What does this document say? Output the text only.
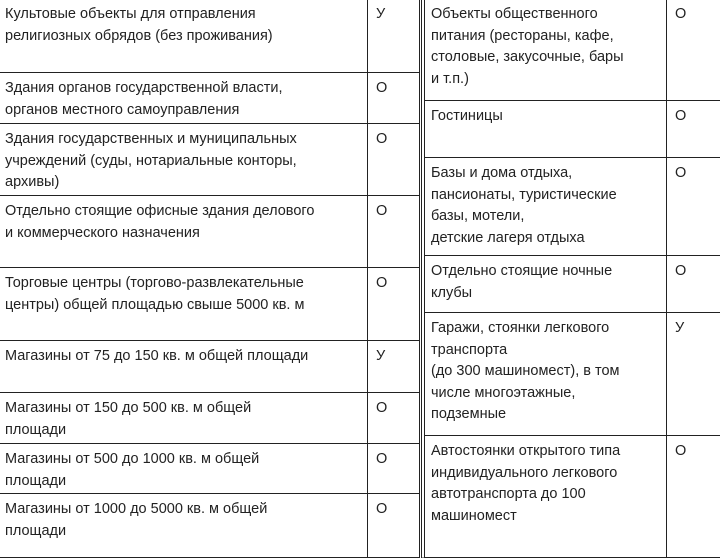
Культовые объекты для отправления
религиозных обрядов (без проживания)
У
Здания органов государственной власти,
органов местного самоуправления
О
Здания государственных и муниципальных
учреждений (суды, нотариальные конторы,
архивы)
О
Отдельно стоящие офисные здания делового
и коммерческого назначения
О
Торговые центры (торгово-развлекательные
центры) общей площадью свыше 5000 кв. м
О
Магазины от 75 до 150 кв. м общей площади	У
Магазины от 150 до 500 кв. м общей
площади
О
Магазины от 500 до 1000 кв. м общей
площади
О
Магазины от 1000 до 5000 кв. м общей
площади
О
Объекты общественного
питания (рестораны, кафе,
столовые, закусочные, бары
и т.п.)
О
Гостиницы	О
Базы и дома отдыха,
пансионаты, туристические
базы, мотели,
детские лагеря отдыха
О
Отдельно стоящие ночные
клубы
О
Гаражи, стоянки легкового
транспорта
(до 300 машиномест), в том
числе многоэтажные,
подземные
У
Автостоянки открытого типа
индивидуального легкового
автотранспорта до 100
машиномест
О
